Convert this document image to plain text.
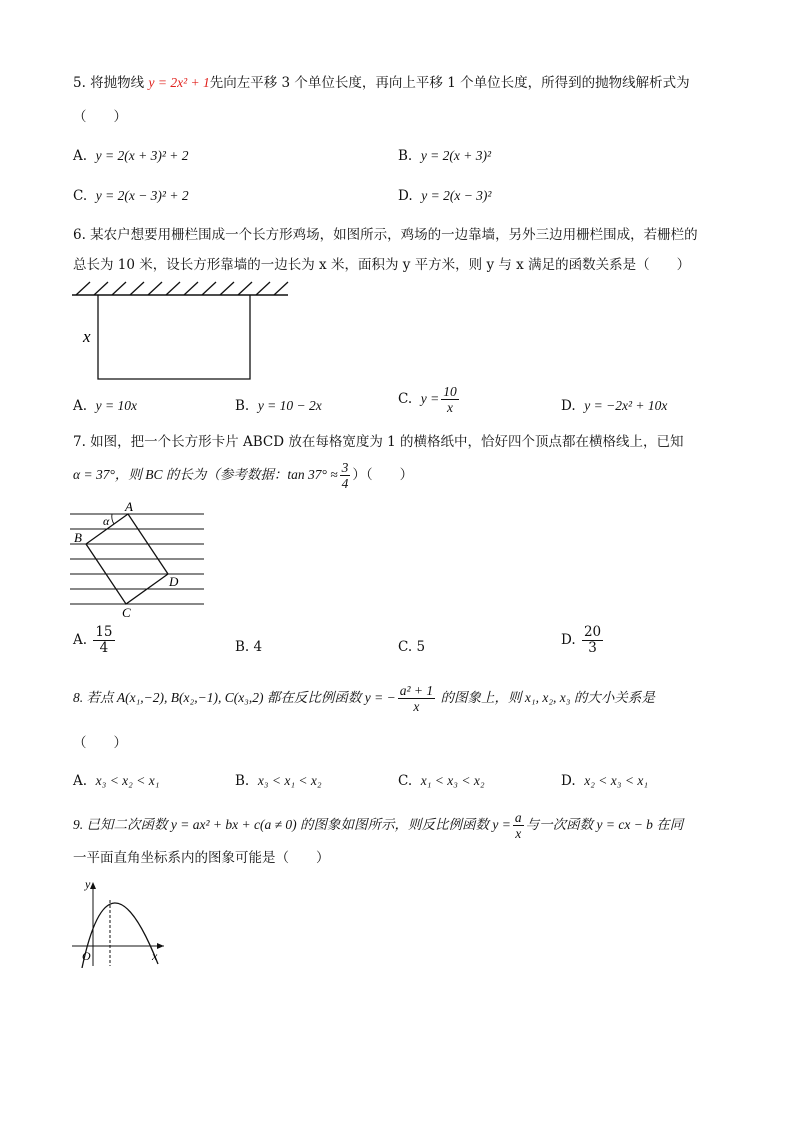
5. 将抛物线 y = 2x² + 1先向左平移 3 个单位长度，再向上平移 1 个单位长度，所得到的抛物线解析式为
（　　）
A. y = 2(x + 3)² + 2	B. y = 2(x + 3)²
C. y = 2(x − 3)² + 2	D. y = 2(x − 3)²
6. 某农户想要用栅栏围成一个长方形鸡场，如图所示，鸡场的一边靠墙，另外三边用栅栏围成，若栅栏的
总长为 10 米，设长方形靠墙的一边长为 x 米，面积为 y 平方米，则 y 与 x 满足的函数关系是（　　）
x
A. y = 10x	B. y = 10 − 2x	C. $y = \frac{10}{x}$	D. y = −2x² + 10x
7. 如图，把一个长方形卡片 ABCD 放在每格宽度为 1 的横格纸中，恰好四个顶点都在横格线上，已知
α = 37°，则 BC 的长为（参考数据：$\tan 37^\circ \approx \frac{3}{4}$ ）（　　）
A
B
C
D
α
A. $\frac{15}{4}$	B. 4	C. 5	D. $\frac{20}{3}$
8. 若点 A(x₁,−2), B(x₂,−1), C(x₃,2) 都在反比例函数 y = − $\frac{\text{a² + 1}}{x}$ 的图象上，则 x₁, x₂, x₃ 的大小关系是
（　　）
A. x₃ < x₂ < x₁	B. x₃ < x₁ < x₂	C. x₁ < x₃ < x₂	D. x₂ < x₃ < x₁
9. 已知二次函数 y = ax² + bx + c(a ≠ 0) 的图象如图所示，则反比例函数 $y = \frac{a}{x}$ 与一次函数 y = cx − b 在同
一平面直角坐标系内的图象可能是（　　）
y
x
O
